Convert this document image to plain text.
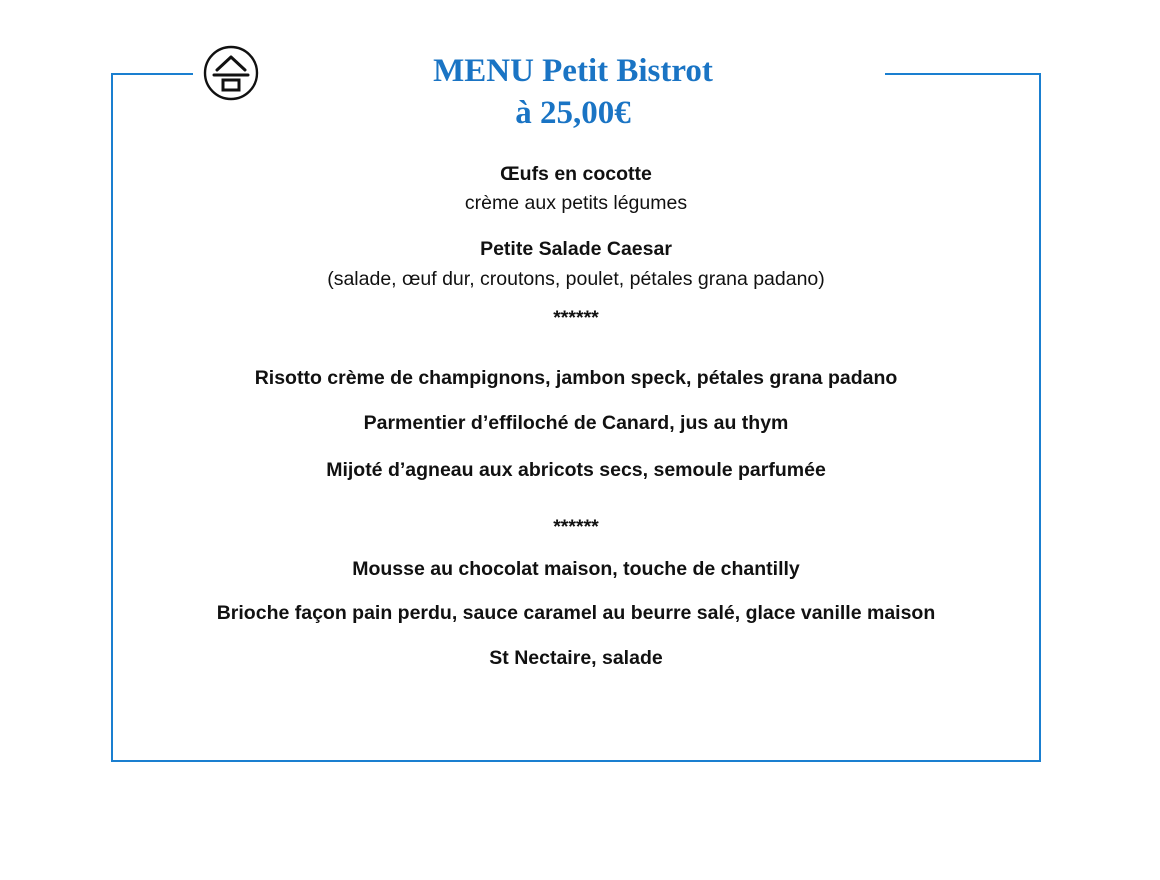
MENU Petit Bistrot
à 25,00€
Œufs en cocotte
crème aux petits légumes
Petite Salade Caesar
(salade, œuf dur, croutons, poulet, pétales grana padano)
******
Risotto crème de champignons, jambon speck, pétales grana padano
Parmentier d’effiloché de Canard, jus au thym
Mijoté d’agneau aux abricots secs, semoule parfumée
******
Mousse au chocolat maison, touche de chantilly
Brioche façon pain perdu, sauce caramel au beurre salé, glace vanille maison
St Nectaire, salade
